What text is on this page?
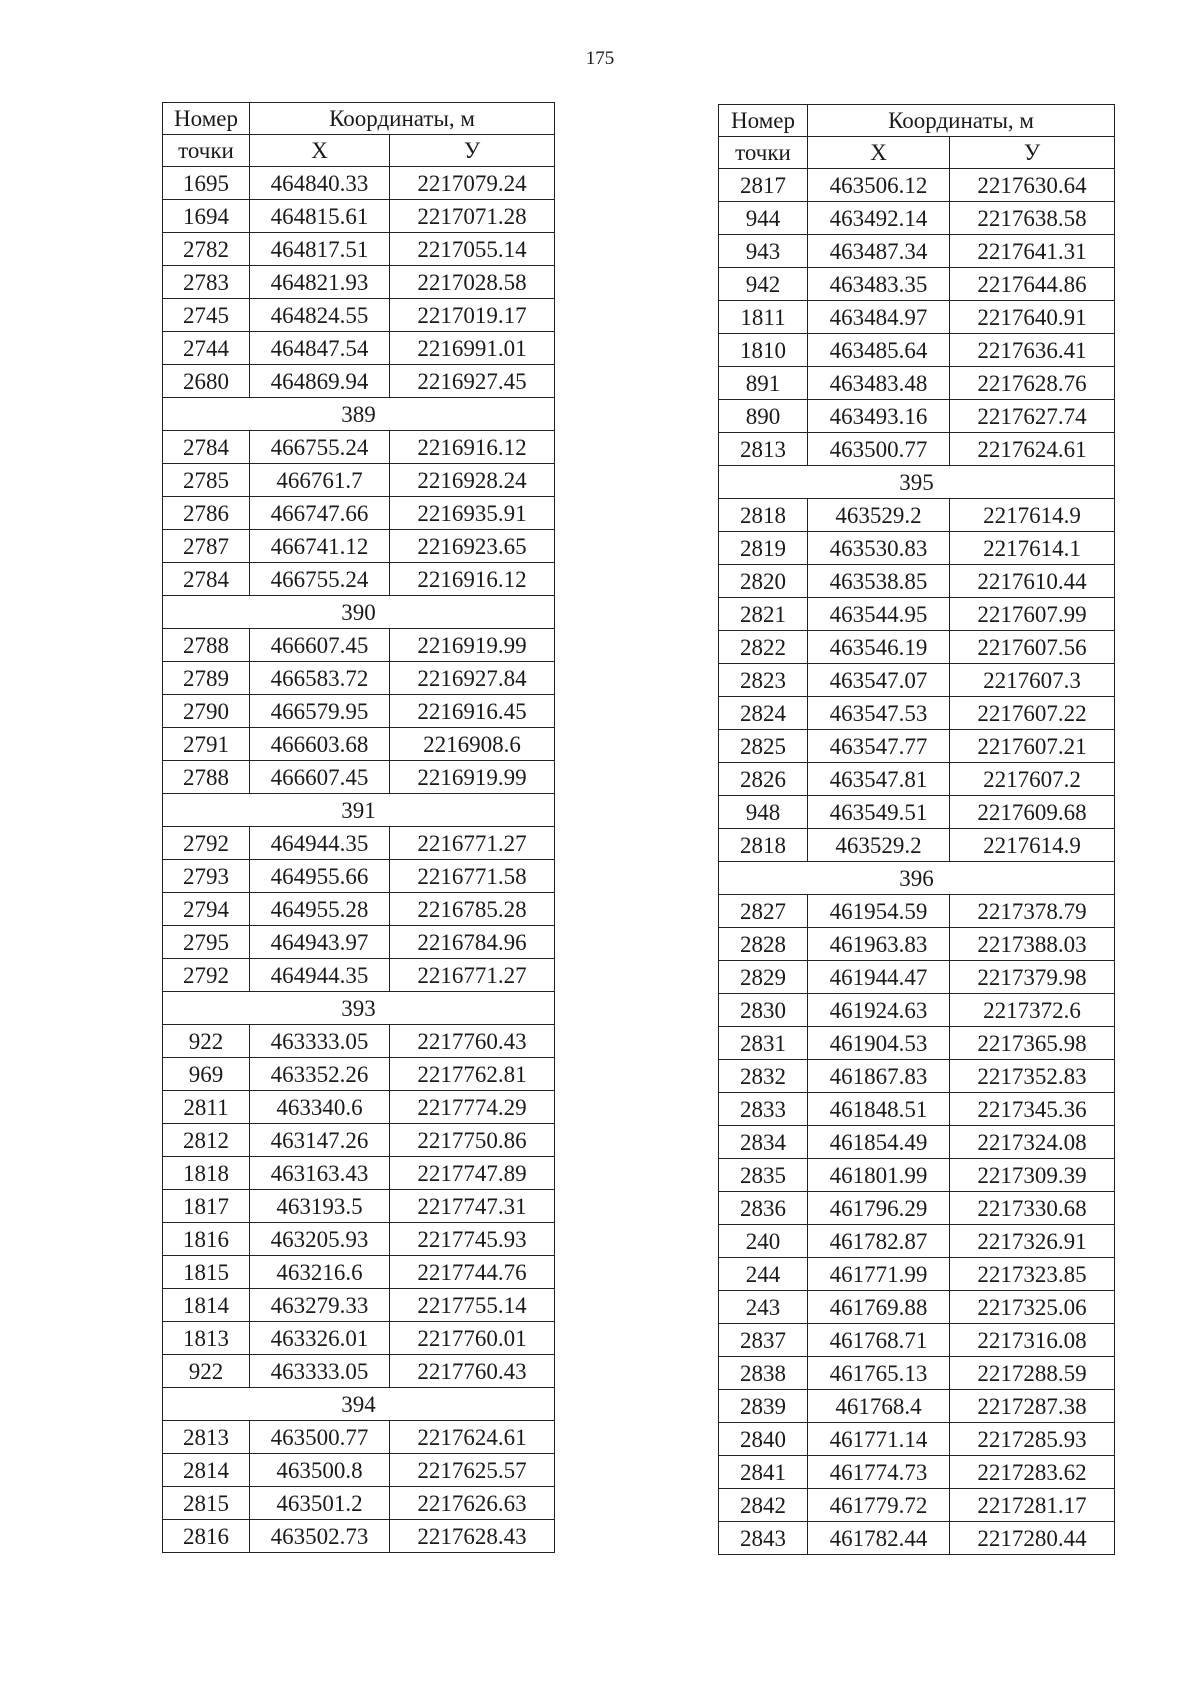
175
Номер	Координаты, м	
точки	X	У
1695	464840.33	2217079.24
1694	464815.61	2217071.28
2782	464817.51	2217055.14
2783	464821.93	2217028.58
2745	464824.55	2217019.17
2744	464847.54	2216991.01
2680	464869.94	2216927.45
389		
2784	466755.24	2216916.12
2785	466761.7	2216928.24
2786	466747.66	2216935.91
2787	466741.12	2216923.65
2784	466755.24	2216916.12
390		
2788	466607.45	2216919.99
2789	466583.72	2216927.84
2790	466579.95	2216916.45
2791	466603.68	2216908.6
2788	466607.45	2216919.99
391		
2792	464944.35	2216771.27
2793	464955.66	2216771.58
2794	464955.28	2216785.28
2795	464943.97	2216784.96
2792	464944.35	2216771.27
393		
922	463333.05	2217760.43
969	463352.26	2217762.81
2811	463340.6	2217774.29
2812	463147.26	2217750.86
1818	463163.43	2217747.89
1817	463193.5	2217747.31
1816	463205.93	2217745.93
1815	463216.6	2217744.76
1814	463279.33	2217755.14
1813	463326.01	2217760.01
922	463333.05	2217760.43
394		
2813	463500.77	2217624.61
2814	463500.8	2217625.57
2815	463501.2	2217626.63
2816	463502.73	2217628.43
Номер	Координаты, м	
точки	X	У
2817	463506.12	2217630.64
944	463492.14	2217638.58
943	463487.34	2217641.31
942	463483.35	2217644.86
1811	463484.97	2217640.91
1810	463485.64	2217636.41
891	463483.48	2217628.76
890	463493.16	2217627.74
2813	463500.77	2217624.61
395		
2818	463529.2	2217614.9
2819	463530.83	2217614.1
2820	463538.85	2217610.44
2821	463544.95	2217607.99
2822	463546.19	2217607.56
2823	463547.07	2217607.3
2824	463547.53	2217607.22
2825	463547.77	2217607.21
2826	463547.81	2217607.2
948	463549.51	2217609.68
2818	463529.2	2217614.9
396		
2827	461954.59	2217378.79
2828	461963.83	2217388.03
2829	461944.47	2217379.98
2830	461924.63	2217372.6
2831	461904.53	2217365.98
2832	461867.83	2217352.83
2833	461848.51	2217345.36
2834	461854.49	2217324.08
2835	461801.99	2217309.39
2836	461796.29	2217330.68
240	461782.87	2217326.91
244	461771.99	2217323.85
243	461769.88	2217325.06
2837	461768.71	2217316.08
2838	461765.13	2217288.59
2839	461768.4	2217287.38
2840	461771.14	2217285.93
2841	461774.73	2217283.62
2842	461779.72	2217281.17
2843	461782.44	2217280.44
